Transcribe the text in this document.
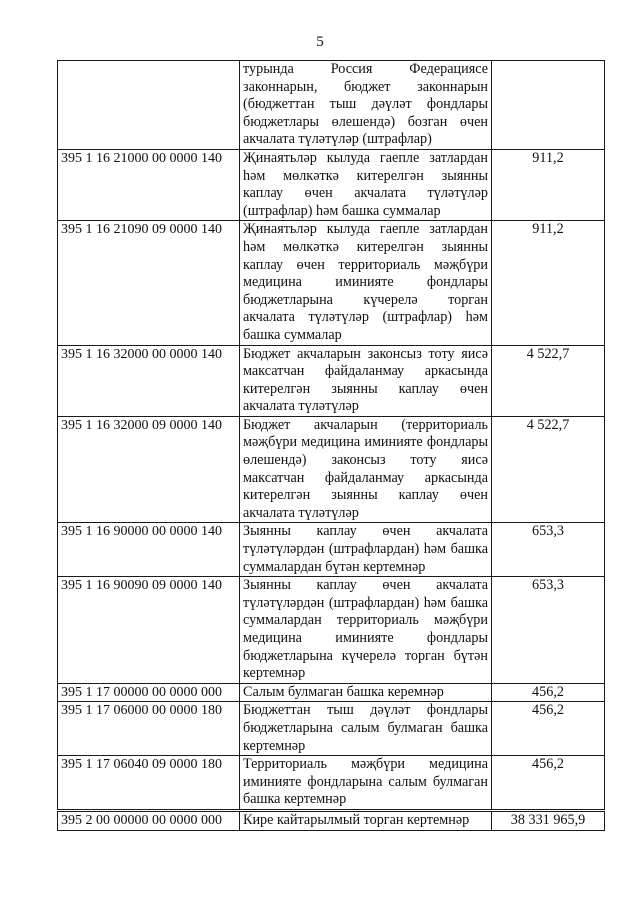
5
	турында Россия Федерациясе законнарын, бюджет законнарын (бюджеттан тыш дәүләт фондлары бюджетлары өлешендә) бозган өчен акчалата түләтүләр (штрафлар)	
395 1 16 21000 00 0000 140	Җинаятьләр кылуда гаепле затлардан һәм мөлкәткә китерелгән зыянны каплау өчен акчалата түләтүләр (штрафлар) һәм башка суммалар	911,2
395 1 16 21090 09 0000 140	Җинаятьләр кылуда гаепле затлардан һәм мөлкәткә китерелгән зыянны каплау өчен территориаль мәҗбүри медицина иминияте фондлары бюджетларына күчерелә торган акчалата түләтүләр (штрафлар) һәм башка суммалар	911,2
395 1 16 32000 00 0000 140	Бюджет акчаларын законсыз тоту яисә максатчан файдаланмау аркасында китерелгән зыянны каплау өчен акчалата түләтүләр	4 522,7
395 1 16 32000 09 0000 140	Бюджет акчаларын (территориаль мәҗбүри медицина иминияте фондлары өлешендә) законсыз тоту яисә максатчан файдаланмау аркасында китерелгән зыянны каплау өчен акчалата түләтүләр	4 522,7
395 1 16 90000 00 0000 140	Зыянны каплау өчен акчалата түләтүләрдән (штрафлардан) һәм башка суммалардан бүтән кертемнәр	653,3
395 1 16 90090 09 0000 140	Зыянны каплау өчен акчалата түләтүләрдән (штрафлардан) һәм башка суммалардан территориаль мәҗбүри медицина иминияте фондлары бюджетларына күчерелә торган бүтән кертемнәр	653,3
395 1 17 00000 00 0000 000	Салым булмаган башка керемнәр	456,2
395 1 17 06000 00 0000 180	Бюджеттан тыш дәүләт фондлары бюджетларына салым булмаган башка кертемнәр	456,2
395 1 17 06040 09 0000 180	Территориаль мәҗбүри медицина иминияте фондларына салым булмаган башка кертемнәр	456,2
395 2 00 00000 00 0000 000	Кире кайтарылмый торган кертемнәр	38 331 965,9
